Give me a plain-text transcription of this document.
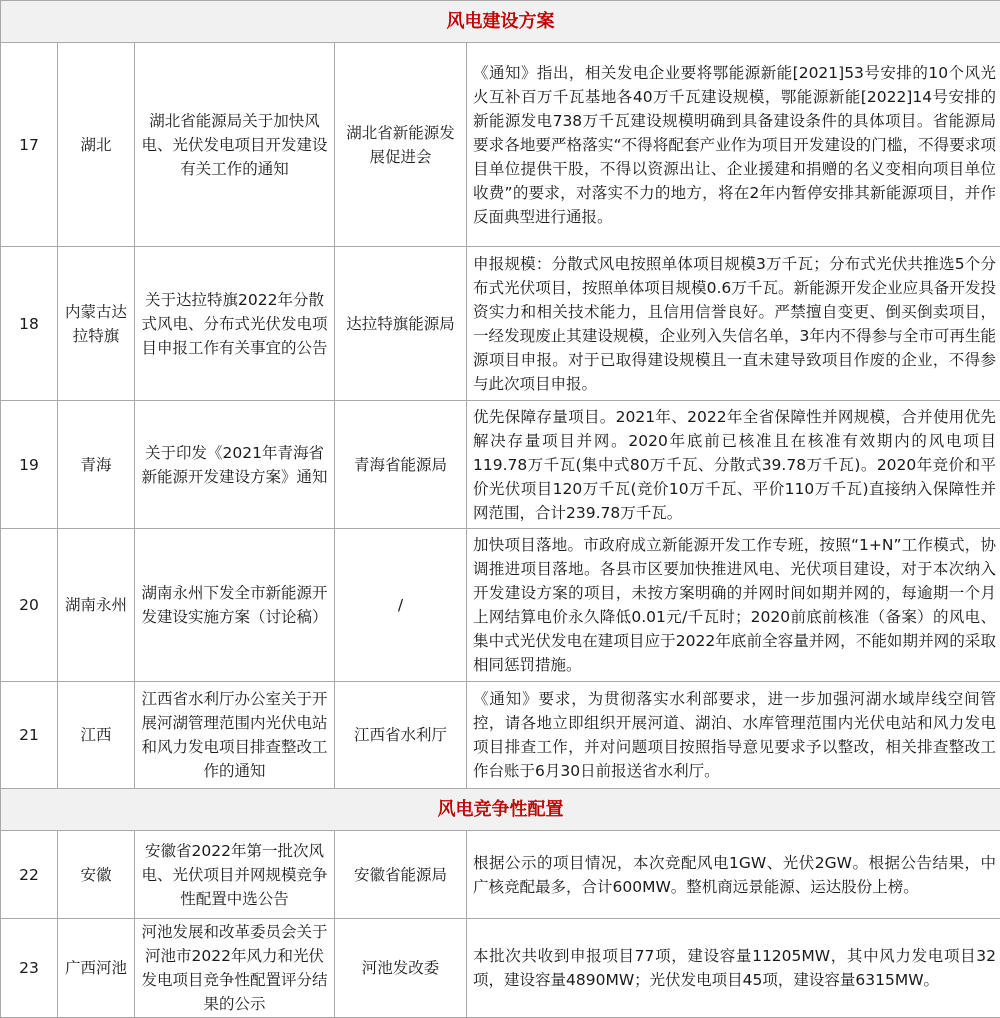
风电建设方案				
17	湖北	湖北省能源局关于加快风电、光伏发电项目开发建设有关工作的通知	湖北省新能源发展促进会	《通知》指出，相关发电企业要将鄂能源新能[2021]53号安排的10个风光火互补百万千瓦基地各40万千瓦建设规模，鄂能源新能[2022]14号安排的新能源发电738万千瓦建设规模明确到具备建设条件的具体项目。省能源局要求各地要严格落实“不得将配套产业作为项目开发建设的门槛，不得要求项目单位提供干股，不得以资源出让、企业援建和捐赠的名义变相向项目单位收费”的要求，对落实不力的地方，将在2年内暂停安排其新能源项目，并作反面典型进行通报。
18	内蒙古达拉特旗	关于达拉特旗2022年分散式风电、分布式光伏发电项目申报工作有关事宜的公告	达拉特旗能源局	申报规模：分散式风电按照单体项目规模3万千瓦；分布式光伏共推选5个分布式光伏项目，按照单体项目规模0.6万千瓦。新能源开发企业应具备开发投资实力和相关技术能力，且信用信誉良好。严禁擅自变更、倒买倒卖项目，一经发现废止其建设规模，企业列入失信名单，3年内不得参与全市可再生能源项目申报。对于已取得建设规模且一直未建导致项目作废的企业，不得参与此次项目申报。
19	青海	关于印发《2021年青海省新能源开发建设方案》通知	青海省能源局	优先保障存量项目。2021年、2022年全省保障性并网规模，合并使用优先解决存量项目并网。2020年底前已核准且在核准有效期内的风电项目119.78万千瓦(集中式80万千瓦、分散式39.78万千瓦)。2020年竞价和平价光伏项目120万千瓦(竞价10万千瓦、平价110万千瓦)直接纳入保障性并网范围，合计239.78万千瓦。
20	湖南永州	湖南永州下发全市新能源开发建设实施方案（讨论稿）	/	加快项目落地。市政府成立新能源开发工作专班，按照“1+N”工作模式，协调推进项目落地。各县市区要加快推进风电、光伏项目建设，对于本次纳入开发建设方案的项目，未按方案明确的并网时间如期并网的，每逾期一个月上网结算电价永久降低0.01元/千瓦时；2020前底前核准（备案）的风电、集中式光伏发电在建项目应于2022年底前全容量并网，不能如期并网的采取相同惩罚措施。
21	江西	江西省水利厅办公室关于开展河湖管理范围内光伏电站和风力发电项目排查整改工作的通知	江西省水利厅	《通知》要求，为贯彻落实水利部要求，进一步加强河湖水域岸线空间管控，请各地立即组织开展河道、湖泊、水库管理范围内光伏电站和风力发电项目排查工作，并对问题项目按照指导意见要求予以整改，相关排查整改工作台账于6月30日前报送省水利厅。
风电竞争性配置				
22	安徽	安徽省2022年第一批次风电、光伏项目并网规模竞争性配置中选公告	安徽省能源局	根据公示的项目情况，本次竞配风电1GW、光伏2GW。根据公告结果，中广核竞配最多，合计600MW。整机商远景能源、运达股份上榜。
23	广西河池	河池发展和改革委员会关于河池市2022年风力和光伏发电项目竞争性配置评分结果的公示	河池发改委	本批次共收到申报项目77项，建设容量11205MW，其中风力发电项目32项，建设容量4890MW；光伏发电项目45项，建设容量6315MW。
